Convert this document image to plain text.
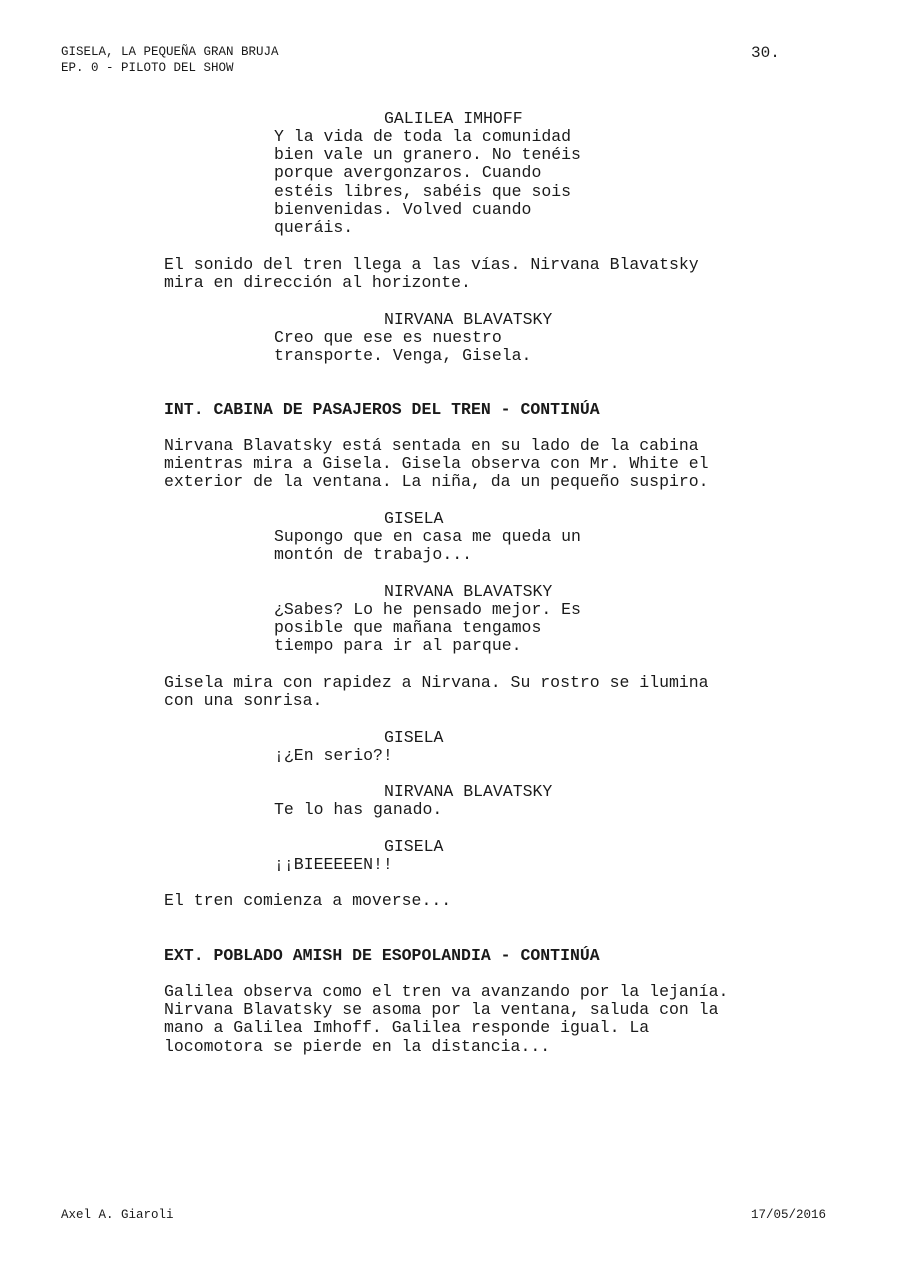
GISELA, LA PEQUEÑA GRAN BRUJA
EP. 0 - PILOTO DEL SHOW
30.
GALILEA IMHOFF
Y la vida de toda la comunidad
bien vale un granero. No tenéis
porque avergonzaros. Cuando
estéis libres, sabéis que sois
bienvenidas. Volved cuando
queráis.
El sonido del tren llega a las vías. Nirvana Blavatsky
mira en dirección al horizonte.
NIRVANA BLAVATSKY
Creo que ese es nuestro
transporte. Venga, Gisela.
INT. CABINA DE PASAJEROS DEL TREN - CONTINÚA
Nirvana Blavatsky está sentada en su lado de la cabina
mientras mira a Gisela. Gisela observa con Mr. White el
exterior de la ventana. La niña, da un pequeño suspiro.
GISELA
Supongo que en casa me queda un
montón de trabajo...
NIRVANA BLAVATSKY
¿Sabes? Lo he pensado mejor. Es
posible que mañana tengamos
tiempo para ir al parque.
Gisela mira con rapidez a Nirvana. Su rostro se ilumina
con una sonrisa.
GISELA
¡¿En serio?!
NIRVANA BLAVATSKY
Te lo has ganado.
GISELA
¡¡BIEEEEEN!!
El tren comienza a moverse...
EXT. POBLADO AMISH DE ESOPOLANDIA - CONTINÚA
Galilea observa como el tren va avanzando por la lejanía.
Nirvana Blavatsky se asoma por la ventana, saluda con la
mano a Galilea Imhoff. Galilea responde igual. La
locomotora se pierde en la distancia...
Axel A. Giaroli	17/05/2016
